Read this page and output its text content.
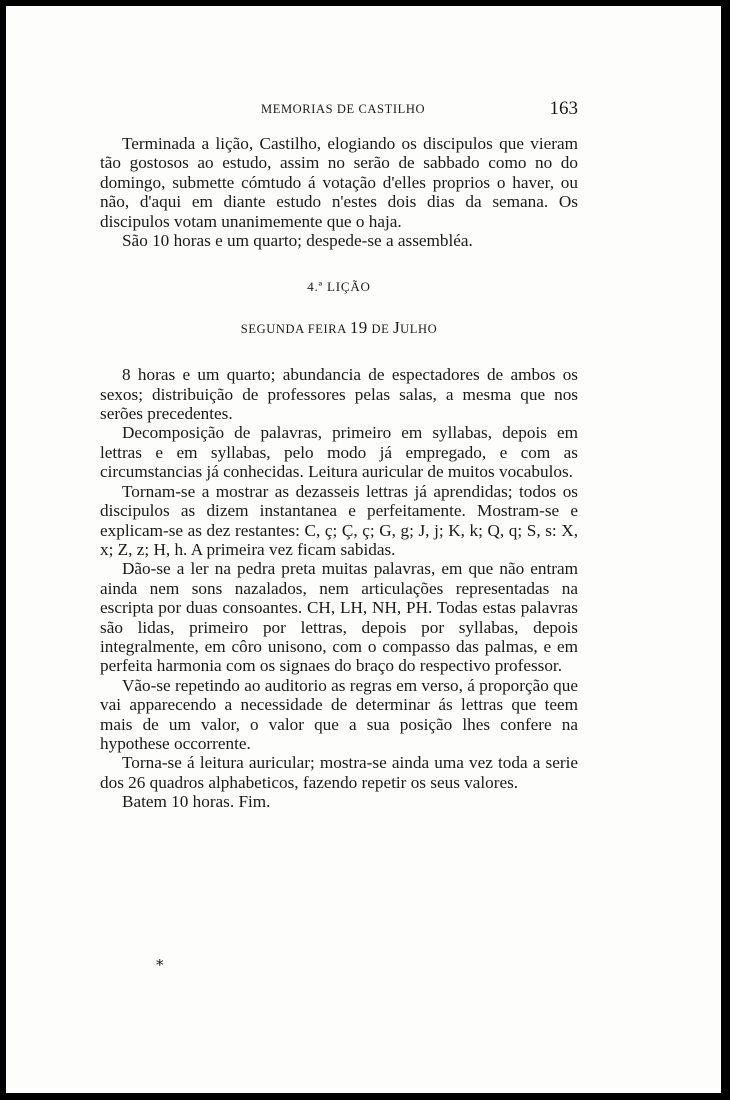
MEMORIAS DE CASTILHO	163

Terminada a lição, Castilho, elogiando os discipulos que vieram tão gostosos ao estudo, assim no serão de sabbado como no do domingo, submette cómtudo á votação d'elles proprios o haver, ou não, d'aqui em diante estudo n'estes dois dias da semana. Os discipulos votam unanimemente que o haja.

São 10 horas e um quarto; despede-se a assembléa.

4.ª LIÇÃO
SEGUNDA FEIRA 19 DE JULHO

8 horas e um quarto; abundancia de espectadores de ambos os sexos; distribuição de professores pelas salas, a mesma que nos serões precedentes.

Decomposição de palavras, primeiro em syllabas, depois em lettras e em syllabas, pelo modo já empregado, e com as circumstancias já conhecidas. Leitura auricular de muitos vocabulos.

Tornam-se a mostrar as dezasseis lettras já aprendidas; todos os discipulos as dizem instantanea e perfeitamente. Mostram-se e explicam-se as dez restantes: C, ç; Ç, ç; G, g; J, j; K, k; Q, q; S, s: X, x; Z, z; H, h. A primeira vez ficam sabidas.

Dão-se a ler na pedra preta muitas palavras, em que não entram ainda nem sons nazalados, nem articulações representadas na escripta por duas consoantes. CH, LH, NH, PH. Todas estas palavras são lidas, primeiro por lettras, depois por syllabas, depois integralmente, em côro unisono, com o compasso das palmas, e em perfeita harmonia com os signaes do braço do respectivo professor.

Vão-se repetindo ao auditorio as regras em verso, á proporção que vai apparecendo a necessidade de determinar ás lettras que teem mais de um valor, o valor que a sua posição lhes confere na hypothese occorrente.

Torna-se á leitura auricular; mostra-se ainda uma vez toda a serie dos 26 quadros alphabeticos, fazendo repetir os seus valores.

Batem 10 horas. Fim.

*
